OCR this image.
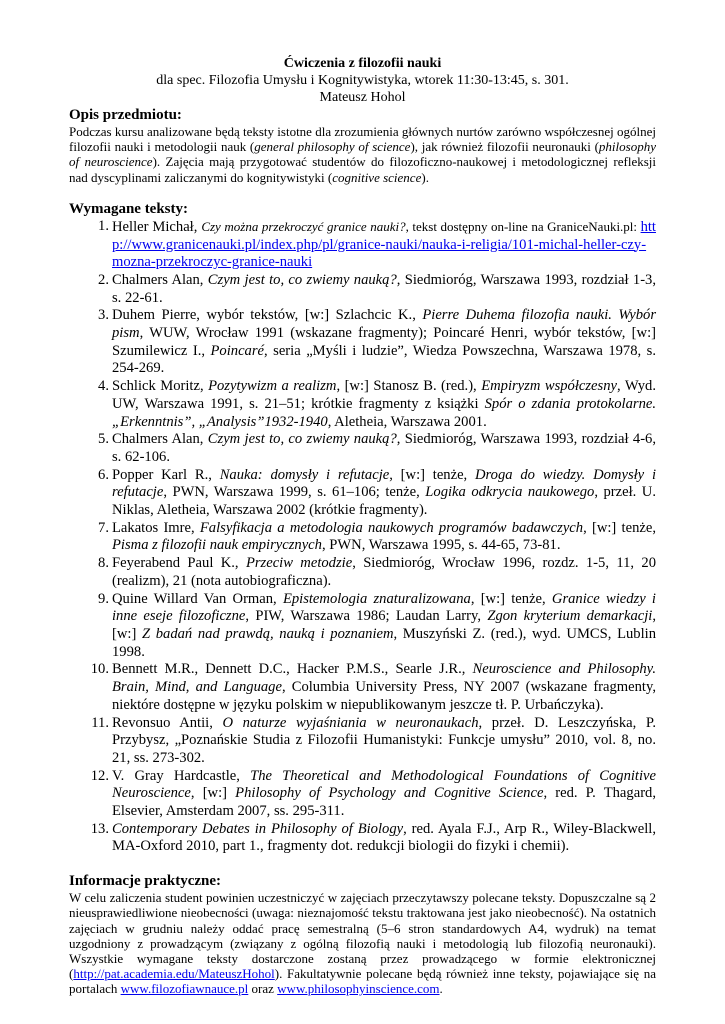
Ćwiczenia z filozofii nauki
dla spec. Filozofia Umysłu i Kognitywistyka, wtorek 11:30-13:45, s. 301.
Mateusz Hohol
Opis przedmiotu:
Podczas kursu analizowane będą teksty istotne dla zrozumienia głównych nurtów zarówno współczesnej ogólnej filozofii nauki i metodologii nauk (general philosophy of science), jak również filozofii neuronauki (philosophy of neuroscience). Zajęcia mają przygotować studentów do filozoficzno-naukowej i metodologicznej refleksji nad dyscyplinami zaliczanymi do kognitywistyki (cognitive science).
Wymagane teksty:
1. Heller Michał, Czy można przekroczyć granice nauki?, tekst dostępny on-line na GraniceNauki.pl: http://www.granicenauki.pl/index.php/pl/granice-nauki/nauka-i-religia/101-michal-heller-czy-mozna-przekroczyc-granice-nauki
2. Chalmers Alan, Czym jest to, co zwiemy nauką?, Siedmioróg, Warszawa 1993, rozdział 1-3, s. 22-61.
3. Duhem Pierre, wybór tekstów, [w:] Szlachcic K., Pierre Duhema filozofia nauki. Wybór pism, WUW, Wrocław 1991 (wskazane fragmenty); Poincaré Henri, wybór tekstów, [w:] Szumilewicz I., Poincaré, seria „Myśli i ludzie”, Wiedza Powszechna, Warszawa 1978, s. 254-269.
4. Schlick Moritz, Pozytywizm a realizm, [w:] Stanosz B. (red.), Empiryzm współczesny, Wyd. UW, Warszawa 1991, s. 21–51; krótkie fragmenty z książki Spór o zdania protokolarne. „Erkenntnis”, „Analysis”1932-1940, Aletheia, Warszawa 2001.
5. Chalmers Alan, Czym jest to, co zwiemy nauką?, Siedmioróg, Warszawa 1993, rozdział 4-6, s. 62-106.
6. Popper Karl R., Nauka: domysły i refutacje, [w:] tenże, Droga do wiedzy. Domysły i refutacje, PWN, Warszawa 1999, s. 61–106; tenże, Logika odkrycia naukowego, przeł. U. Niklas, Aletheia, Warszawa 2002 (krótkie fragmenty).
7. Lakatos Imre, Falsyfikacja a metodologia naukowych programów badawczych, [w:] tenże, Pisma z filozofii nauk empirycznych, PWN, Warszawa 1995, s. 44-65, 73-81.
8. Feyerabend Paul K., Przeciw metodzie, Siedmioróg, Wrocław 1996, rozdz. 1-5, 11, 20 (realizm), 21 (nota autobiograficzna).
9. Quine Willard Van Orman, Epistemologia znaturalizowana, [w:] tenże, Granice wiedzy i inne eseje filozoficzne, PIW, Warszawa 1986; Laudan Larry, Zgon kryterium demarkacji, [w:] Z badań nad prawdą, nauką i poznaniem, Muszyński Z. (red.), wyd. UMCS, Lublin 1998.
10. Bennett M.R., Dennett D.C., Hacker P.M.S., Searle J.R., Neuroscience and Philosophy. Brain, Mind, and Language, Columbia University Press, NY 2007 (wskazane fragmenty, niektóre dostępne w języku polskim w niepublikowanym jeszcze tł. P. Urbańczyka).
11. Revonsuo Antii, O naturze wyjaśniania w neuronaukach, przeł. D. Leszczyńska, P. Przybysz, „Poznańskie Studia z Filozofii Humanistyki: Funkcje umysłu” 2010, vol. 8, no. 21, ss. 273-302.
12. V. Gray Hardcastle, The Theoretical and Methodological Foundations of Cognitive Neuroscience, [w:] Philosophy of Psychology and Cognitive Science, red. P. Thagard, Elsevier, Amsterdam 2007, ss. 295-311.
13. Contemporary Debates in Philosophy of Biology, red. Ayala F.J., Arp R., Wiley-Blackwell, MA-Oxford 2010, part 1., fragmenty dot. redukcji biologii do fizyki i chemii).
Informacje praktyczne:
W celu zaliczenia student powinien uczestniczyć w zajęciach przeczytawszy polecane teksty. Dopuszczalne są 2 nieusprawiedliwione nieobecności (uwaga: nieznajomość tekstu traktowana jest jako nieobecność). Na ostatnich zajęciach w grudniu należy oddać pracę semestralną (5–6 stron standardowych A4, wydruk) na temat uzgodniony z prowadzącym (związany z ogólną filozofią nauki i metodologią lub filozofią neuronauki). Wszystkie wymagane teksty dostarczone zostaną przez prowadzącego w formie elektronicznej (http://pat.academia.edu/MateuszHohol). Fakultatywnie polecane będą również inne teksty, pojawiające się na portalach www.filozofiawnauce.pl oraz www.philosophyinscience.com.
